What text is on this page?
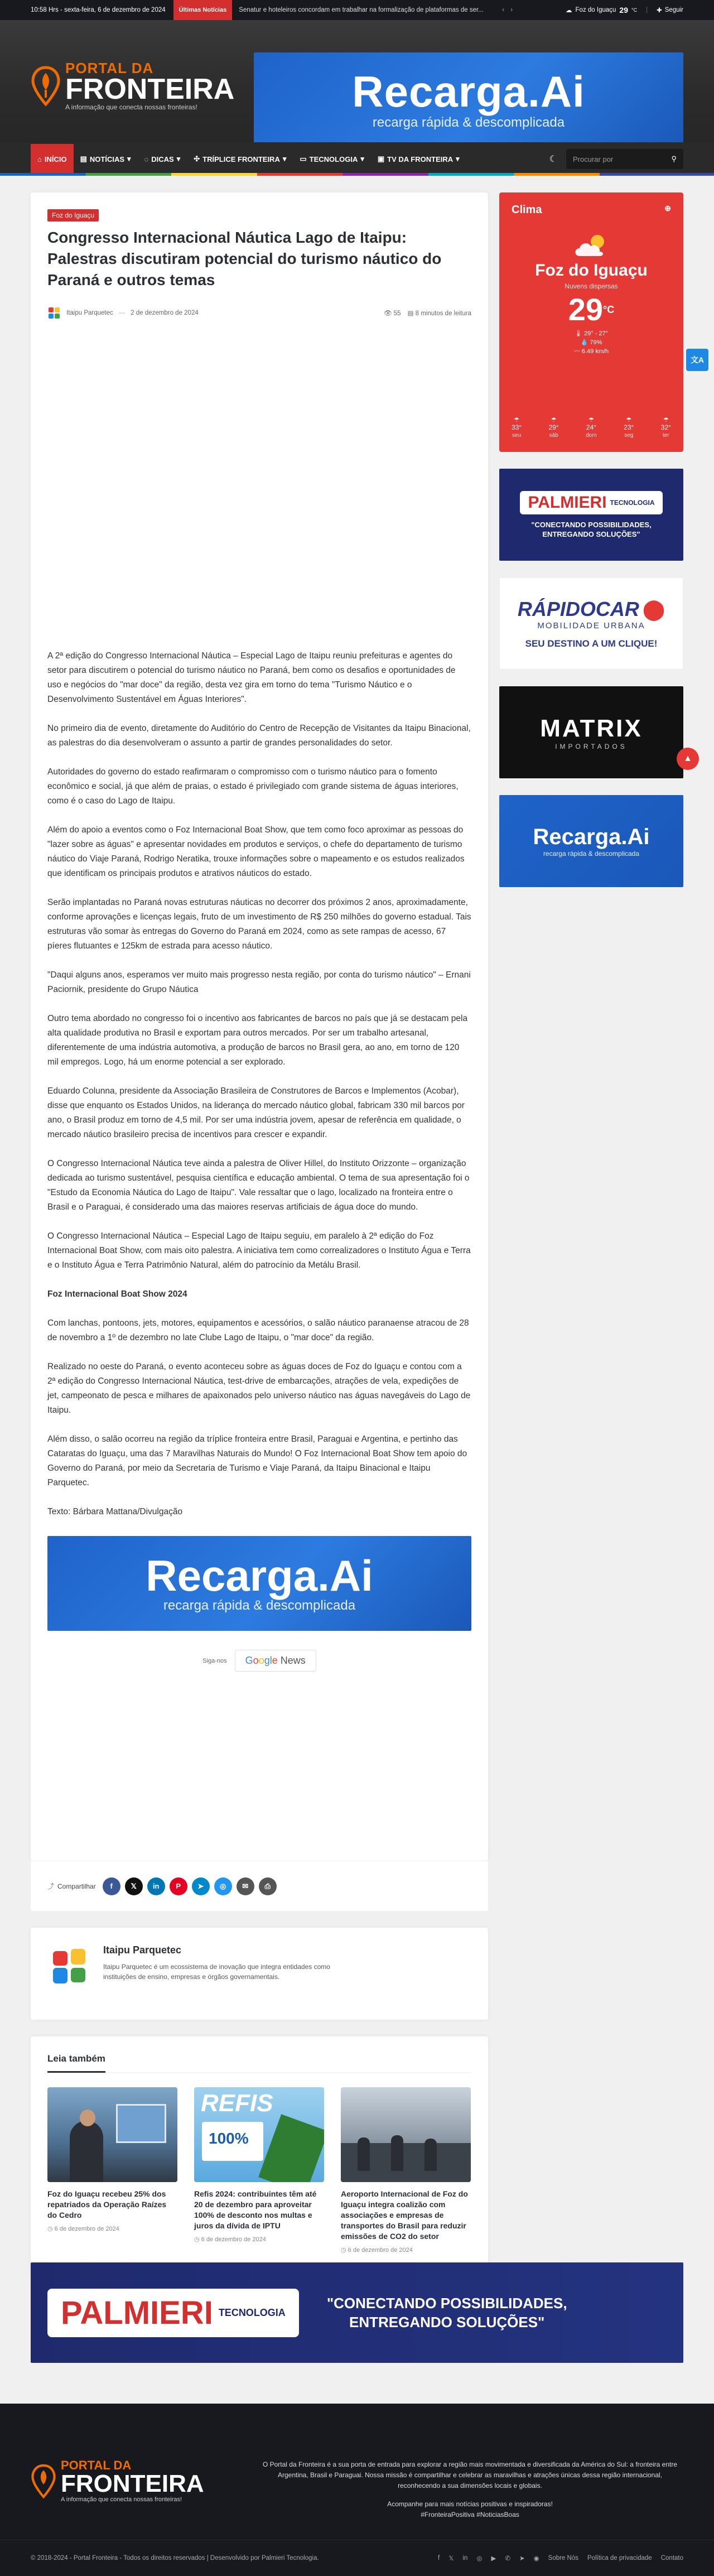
10:58 Hrs - sexta-feira, 6 de dezembro de 2024	Últimas Notícias	Senatur e hoteleiros concordam em trabalhar na formalização de plataformas de ser...	‹ ›	☁ Foz do Iguaçu 29 °C | ✚ Seguir
PORTAL DA
FRONTEIRA
A informação que conecta nossas fronteiras!	Recarga.Ai
recarga rápida & descomplicada
⌂ INÍCIO ▤ NOTÍCIAS ▾ ◌ DICAS ▾ ✣ TRÍPLICE FRONTEIRA ▾ ▭ TECNOLOGIA ▾ ▣ TV DA FRONTEIRA ▾	☾ Procurar por	⚲
Foz do Iguaçu
Congresso Internacional Náutica Lago de Itaipu: Palestras discutiram potencial do turismo náutico do Paraná e outros temas
Itaipu Parquetec — 2 de dezembro de 2024	👁 55 ▤ 8 minutos de leitura

A 2ª edição do Congresso Internacional Náutica – Especial Lago de Itaipu reuniu prefeituras e agentes do setor para discutirem o potencial do turismo náutico no Paraná, bem como os desafios e oportunidades de uso e negócios do "mar doce" da região, desta vez gira em torno do tema "Turismo Náutico e o Desenvolvimento Sustentável em Águas Interiores".

No primeiro dia de evento, diretamente do Auditório do Centro de Recepção de Visitantes da Itaipu Binacional, as palestras do dia desenvolveram o assunto a partir de grandes personalidades do setor.

Autoridades do governo do estado reafirmaram o compromisso com o turismo náutico para o fomento econômico e social, já que além de praias, o estado é privilegiado com grande sistema de águas interiores, como é o caso do Lago de Itaipu.

Além do apoio a eventos como o Foz Internacional Boat Show, que tem como foco aproximar as pessoas do "lazer sobre as águas" e apresentar novidades em produtos e serviços, o chefe do departamento de turismo náutico do Viaje Paraná, Rodrigo Neratika, trouxe informações sobre o mapeamento e os estudos realizados que identificam os principais produtos e atrativos náuticos do estado.

Serão implantadas no Paraná novas estruturas náuticas no decorrer dos próximos 2 anos, aproximadamente, conforme aprovações e licenças legais, fruto de um investimento de R$ 250 milhões do governo estadual. Tais estruturas vão somar às entregas do Governo do Paraná em 2024, como as sete rampas de acesso, 67 píeres flutuantes e 125km de estrada para acesso náutico.

"Daqui alguns anos, esperamos ver muito mais progresso nesta região, por conta do turismo náutico" – Ernani Paciornik, presidente do Grupo Náutica

Outro tema abordado no congresso foi o incentivo aos fabricantes de barcos no país que já se destacam pela alta qualidade produtiva no Brasil e exportam para outros mercados. Por ser um trabalho artesanal, diferentemente de uma indústria automotiva, a produção de barcos no Brasil gera, ao ano, em torno de 120 mil empregos. Logo, há um enorme potencial a ser explorado.

Eduardo Colunna, presidente da Associação Brasileira de Construtores de Barcos e Implementos (Acobar), disse que enquanto os Estados Unidos, na liderança do mercado náutico global, fabricam 330 mil barcos por ano, o Brasil produz em torno de 4,5 mil. Por ser uma indústria jovem, apesar de referência em qualidade, o mercado náutico brasileiro precisa de incentivos para crescer e expandir.

O Congresso Internacional Náutica teve ainda a palestra de Oliver Hillel, do Instituto Orizzonte – organização dedicada ao turismo sustentável, pesquisa científica e educação ambiental. O tema de sua apresentação foi o "Estudo da Economia Náutica do Lago de Itaipu". Vale ressaltar que o lago, localizado na fronteira entre o Brasil e o Paraguai, é considerado uma das maiores reservas artificiais de água doce do mundo.

O Congresso Internacional Náutica – Especial Lago de Itaipu seguiu, em paralelo à 2ª edição do Foz Internacional Boat Show, com mais oito palestra. A iniciativa tem como correalizadores o Instituto Água e Terra e o Instituto Água e Terra Patrimônio Natural, além do patrocínio da Metálu Brasil.

Foz Internacional Boat Show 2024

Com lanchas, pontoons, jets, motores, equipamentos e acessórios, o salão náutico paranaense atracou de 28 de novembro a 1º de dezembro no late Clube Lago de Itaipu, o "mar doce" da região.

Realizado no oeste do Paraná, o evento aconteceu sobre as águas doces de Foz do Iguaçu e contou com a 2ª edição do Congresso Internacional Náutica, test-drive de embarcações, atrações de vela, expedições de jet, campeonato de pesca e milhares de apaixonados pelo universo náutico nas águas navegáveis do Lago de Itaipu.

Além disso, o salão ocorreu na região da tríplice fronteira entre Brasil, Paraguai e Argentina, e pertinho das Cataratas do Iguaçu, uma das 7 Maravilhas Naturais do Mundo! O Foz Internacional Boat Show tem apoio do Governo do Paraná, por meio da Secretaria de Turismo e Viaje Paraná, da Itaipu Binacional e Itaipu Parquetec.

Texto: Bárbara Mattana/Divulgação

Recarga.Ai
recarga rápida & descomplicada
Siga-nos	Google News
⤴ Compartilhar	f	𝕏	in	P	➤	◎	✉	⎙
Itaipu Parquetec

Itaipu Parquetec é um ecossistema de inovação que integra entidades como instituições de ensino, empresas e órgãos governamentais.

Leia também
Foz do Iguaçu recebeu 25% dos repatriados da Operação Raízes do Cedro
◷ 6 de dezembro de 2024
REFIS
100%
Refis 2024: contribuintes têm até 20 de dezembro para aproveitar 100% de desconto nos multas e juros da dívida de IPTU
◷ 6 de dezembro de 2024
Aeroporto Internacional de Foz do Iguaçu integra coalizão com associações e empresas de transportes do Brasil para reduzir emissões de CO2 do setor
◷ 6 de dezembro de 2024
Clima	⊕
Foz do Iguaçu
Nuvens dispersas
$29^{^\circ C}$
🌡 29° - 27°
💧 79%
〰 6.49 km/h
☂
33°
seu
☂
29°
sáb
☂
24°
dom
☂
23°
seg
☂
32°
ter
PALMIERI TECNOLOGIA
"CONECTANDO POSSIBILIDADES,
ENTREGANDO SOLUÇÕES"
RÁPIDOCAR ⬤
MOBILIDADE URBANA
SEU DESTINO A UM CLIQUE!
MATRIX
IMPORTADOS
Recarga.Ai
recarga rápida & descomplicada
PALMIERI TECNOLOGIA
"CONECTANDO POSSIBILIDADES,
ENTREGANDO SOLUÇÕES"
PORTAL DA
FRONTEIRA
A informação que conecta nossas fronteiras!

O Portal da Fronteira é a sua porta de entrada para explorar a região mais movimentada e diversificada da América do Sul: a fronteira entre Argentina, Brasil e Paraguai. Nossa missão é compartilhar e celebrar as maravilhas e atrações únicas dessa região internacional, reconhecendo a sua dimensões locais e globais.

Acompanhe para mais notícias positivas e inspiradoras!

#FronteiraPositiva #NoticiasBoas

© 2018-2024 - Portal Fronteira - Todos os direitos reservados | Desenvolvido por Palmieri Tecnologia.	f 𝕏 in ◎ ▶ ✆ ➤ ◉ Sobre Nós Política de privacidade Contato
文A
▲
